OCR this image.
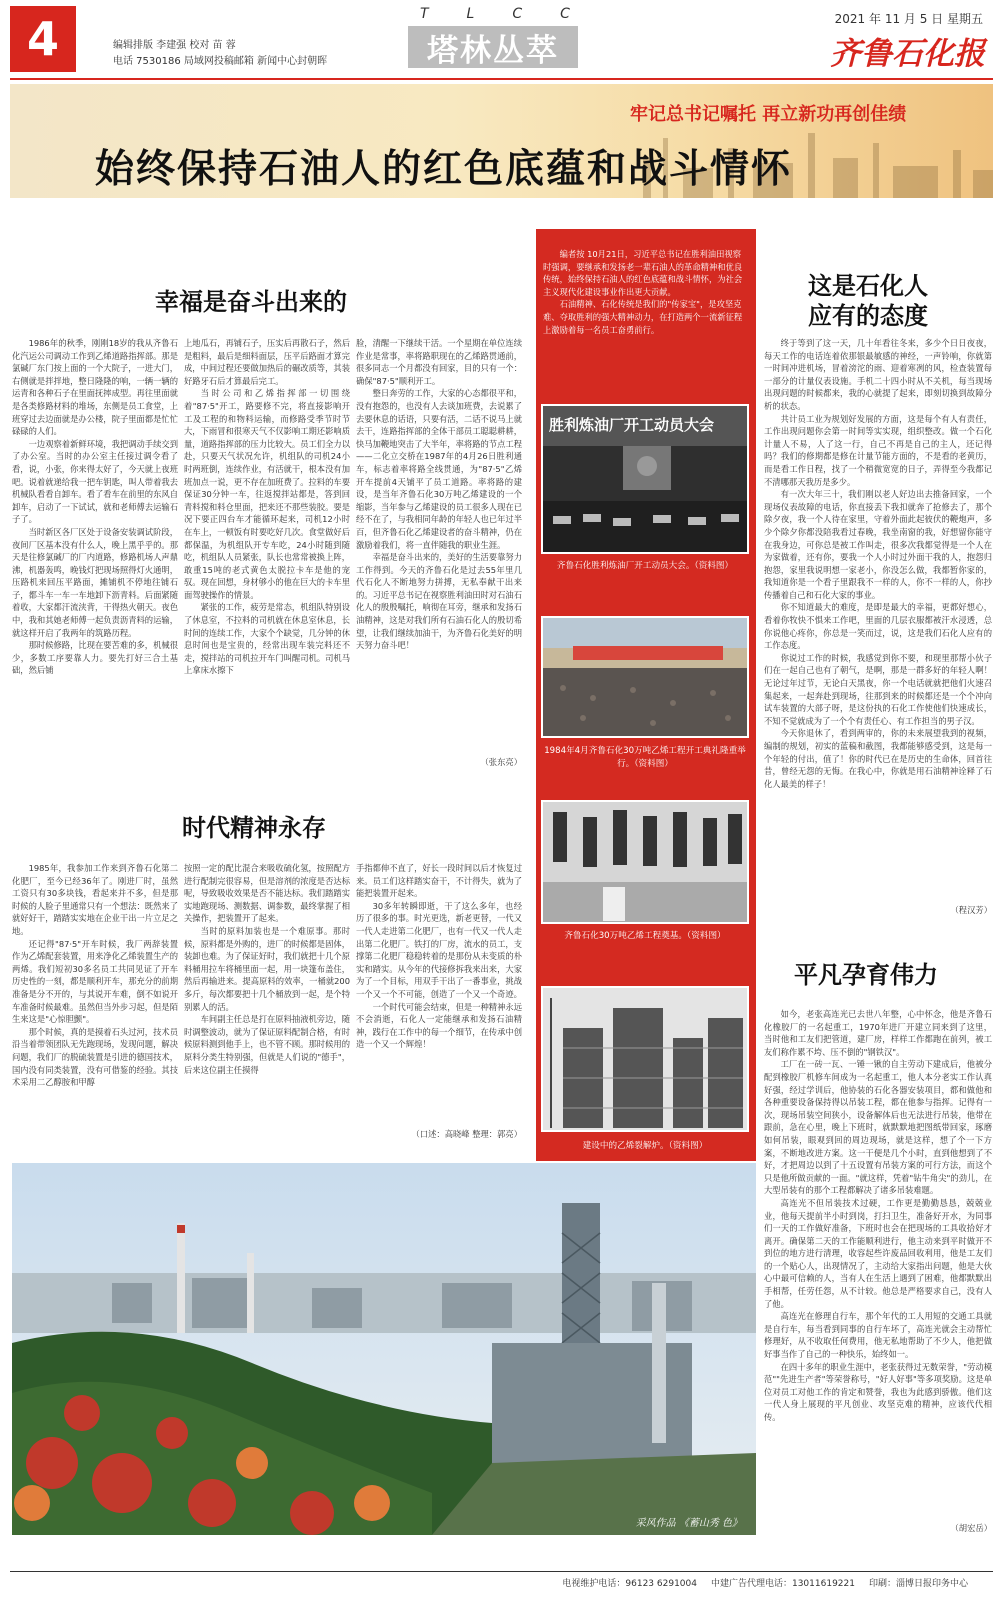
4	编辑排版 李建强 校对 苗 蓉
电话 7530186 局域网投稿邮箱 新闻中心封朝晖
TLCC
塔林丛萃
2021 年 11 月 5 日 星期五
齐鲁石化报
牢记总书记嘱托 再立新功再创佳绩
始终保持石油人的红色底蕴和战斗情怀
幸福是奋斗出来的

1986年的秋季，刚刚18岁的我从齐鲁石化汽运公司调动工作到乙烯道路指挥部。那是氯碱厂东门按上面的一个大院子，一进大门，右侧就是拌拌地，整日隆隆的响，一辆一辆的运青和各种石子在里面抚摔成型。再往里面就是各类修路材料的堆场，东侧是员工食堂，上班穿过去边面就是办公楼，院子里面都是忙忙碌碌的人们。

一边观察着新鲜环境，我把调动手续交到了办公室。当时的办公室主任接过调令看了看，说，小张，你来得太好了，今天就上夜班吧。说着就递给我一把车钥匙，叫人带着我去机械队看看自卸车。看了看车在前里的东风自卸车，启动了一下试试，就和老师傅去运输石子了。

当时新区各厂区处于设备安装调试阶段，夜间厂区基本没有什么人，晚上黑乎乎的。那天是往修氯碱厂的厂内道路，修路机场人声鼎沸，机器轰鸣，晚钱灯把现场照得灯火通明，压路机来回压平路面，摊铺机不停地往铺石子，都斗车一车一车地卸下沥青料。后面紧随着收，大家都汗流浃背，干得热火朝天。夜色中，我和其她老师傅一起负责沥青料的运输，就这样开启了我两年的筑路历程。

那时候修路，比现在要苦难的多，机械很少，多数工序要靠人力。要先打好三合土基础，然后铺

上地瓜石，再铺石子，压实后再散石子，然后是粗料，最后是细料面层，压平后路面才算完成，中间过程还要做加热后的碾改质等，其装好路牙石后才算最后完工。

当时公司和乙烯指挥部一切围绕着"87·5"开工，路要修不完，将直接影响开工及工程的和物料运输，而修路受季节时节大，下雨冒和很寒天气不仅影响工期还影响质量，道路指挥部的压力比较大。员工们全力以赴，只要天气状况允许，机组队的司机24小时两班倒，连续作业，有活就干，根本没有加班加点一说，更不存在加班费了。拉料的车要保证30分钟一车，往返搅拌站都是，答到回青料搅和料仓里面，把来还不那些装胶。要是况下要正四台车才能循环起来，司机12小时在车上，一顿饭有时要吃好几次。食堂做好后都保温，为机组队开专车吃，24小时随到随吃，机组队人员紧张，队长也常常被换上阵，敢重15吨的老式黄色太脱拉卡车是他的宠驭。现在回想，身材够小的他在巨大的卡车里面驾驶操作的情景。

紧张的工作，疲劳是常态，机组队特别设了休息室，不拉料的司机就在休息室休息，长时间的连续工作，大家个个缺觉，几分钟的休息时间也是宝贵的，经常出现车装完料还不走，搅拌站的司机拉开车门叫醒司机。司机马上拿床水擦下

脸，清醒一下继续干活。一个星期在单位连续作业是常事，率将路职现在的乙烯路贯通前，很多同志一个月都没有回家，目的只有一个：确保"87·5"顺利开工。

整日奔劳的工作，大家的心态都很平和，没有抱怨的，也没有人去谈加班费，去说累了去要休息的话语，只要有活，二话不说马上就去干，连路指挥部的全体干部员工聪聪耕耕，快马加鞭地突击了大半年，率将路的节点工程——二化立交桥在1987年的4月26日胜利通车，标志着率将路全线贯通，为"87·5"乙烯开车提前4天铺平了员工道路。率将路的建设，是当年齐鲁石化30万吨乙烯建设的一个缩影，当年参与乙烯建设的员工很多人现在已经不在了，与我相同年龄的年轻人也已年过半百，但齐鲁石化乙烯建设者的奋斗精神，仍在激励着我们，将一直伴随我的职业生涯。

幸福是奋斗出来的，美好的生活要靠努力工作得到。今天的齐鲁石化是过去55年里几代石化人不断地努力拼搏，无私奉献干出来的。习近平总书记在视察胜利油田时对石油石化人的殷殷嘱托，响彻在耳旁，继承和发扬石油精神，这是对我们所有石油石化人的殷切希望，让我们继续加油干，为齐鲁石化美好的明天努力奋斗吧！

（张东亮）
时代精神永存

1985年，我参加工作来到齐鲁石化第二化肥厂，至今已经36年了。刚进厂时，虽然工资只有30多块钱，看起来并不多，但是那时候的人脸子里通常只有一个想法：既然来了就好好干，踏踏实实地在企业干出一片立足之地。

还记得"87·5"开车时候，我厂两辞装置作为乙烯配套装置，用来净化乙烯装置生产的两烯。我们短初30多名员工共同见证了开车历史性的一刻，都是顺利开车，那充分的前期准备是分不开的，与其说开车难，倒不如说开车准备时候最难。虽然但当外步习起，但是陌生来这是"心惊胆颤"。

那个时候，真的是摸着石头过河，技术员沿当着带领团队无先跑现场，发现问题，解决问题，我们厂的脱硫装置是引进的德国技术，国内没有同类装置，没有可借鉴的经验。其技术采用二乙醇胺和甲醇

按照一定的配比混合来吸收硫化氢，按照配方进行配制完很容易，但是溶剂的浓度是否达标呢，导致吸收效果是否不能达标。我们踏踏实实地跑现场、测数据、调参数，最终掌握了相关操作，把装置开了起来。

当时的原料加装也是一个难原事。那时候，原料都是外购的，进厂的时候都是固体，装卸也难。为了保证好时，我们就把十几个原料桶用拉车将桶里面一起，用一块篷布盖住，然后再输进来。提高原料的效率，一桶就200多斤，每次都要把十几个桶放到一起，是个特别累人的活。

车间副主任总是打在原料抽液机旁边，随时调整波动，就为了保证原料配制合格，有时候原料测到他手上，也不管不顾。那时候用的原料分类生特别强，但就是人们说的"德手"，后来这位副主任摸得

手指都伸不直了，好长一段时间以后才恢复过来。员工们这样踏实奋干，不计得失，就为了能把装置开起来。

30多年转瞬即逝，干了这么多年，也经历了很多的事。时光更选，新老更替，一代又一代人走进第二化肥厂，也有一代又一代人走出第二化肥厂。铁打的厂房，流水的员工，支撑第二化肥厂稳稳转着的是那份从未变质的朴实和踏实。从今年的代接修拆我来出来，大家为了一个目标，用双手干出了一番事业，挑战一个又一个不可能，创造了一个又一个奇迹。

一个时代可能会结束，但是一种精神永远不会消逝，石化人一定能继承和发扬石油精神，践行在工作中的每一个细节，在传承中创造一个又一个辉煌！

（口述：高晓峰 整理：郭亮）

编者按 10月21日，习近平总书记在胜利油田视察时强调，要继承和发扬老一辈石油人的革命精神和优良传统，始终保持石油人的红色底蕴和战斗情怀，为社会主义现代化建设事业作出更大贡献。

石油精神、石化传统是我们的"传家宝"，是攻坚克难、夺取胜利的强大精神动力，在打造两个一流新征程上激励着每一名员工奋勇前行。

胜利炼油厂开工动员大会
齐鲁石化胜利炼油厂开工动员大会。（资料图）
1984年4月齐鲁石化30万吨乙烯工程开工典礼隆重举行。（资料图）
齐鲁石化30万吨乙烯工程奠基。（资料图）
建设中的乙烯裂解炉。（资料图）
这是石化人
应有的态度

终于等到了这一天，几十年看往冬来，多少个日日夜夜，每天工作的电话连着依那银最敏感的神经，一声铃响，你就第一时间冲进机场，冒着滂沱的雨、迎着寒冽的风，检查装置每一部分的计量仪表设施。手机二十四小时从不关机，每当现场出现问题的时候都来，我的心就提了起来，即刻切换到故障分析的状态。

共计员工业为规划好发展的方面，这是每个有人有责任，工作出现问题你会第一时间等实实现，组织整改。做一个石化计量人不易，人了这一行，自己不再是自己的主人，还记得吗？我们的修期都是修在计量节能方面的，不是看的老黄历，而是看工作日程，找了一个稍微宽宽的日子，弄得至今我都记不清哪那天我历是多少。

有一次大年三十，我们刚以老人好边出去推备回家，一个现场仪表故障的电话，你直接丢下我扣就奔了抢修去了，那个除夕夜，我一个人待在家里，守着外面此起彼伏的鞭炮声，多少个除夕你都没陪我看过春晚，我坐南窗的我，好想留你能守在我身边，可你总是被工作叫走，很多次我都觉得是一个人在为家做着，还有你，要我一个人小时过外面干我的人，抱怨归抱怨，家里我说明想一家老小，你没怎么做，我都暂你家的，我知道你是一个看子里跟我不一样的人，你不一样的人，你抄传播着自己和石化大家的事业。

你不知道最大的难度，是即是最大的幸福，更都好想心，看着你牧快不惧来工作吧，里面的几层衣服都被汗水浸透，总你说他心疼你，你总是一笑而过，说，这是我们石化人应有的工作态度。

你说过工作的时候，我感觉到你不要，和现里那帮小伙子们在一起自己也有了朝气，是啊，那是一群多好的年轻人啊！无论过年过节，无论白天黑夜，你一个电话就就把他们火速召集起来，一起奔赴到现场，往那到来的时候都还是一个个冲向试车装置的大部子呀，是这份执的石化工作使他们快速成长，不知不觉就成为了一个个有责任心、有工作担当的男子汉。

今天你退休了，看到两审的，你的未来展望我到的视频，编制的规划，初实的蓝稿和截图，我都能够感受到，这是每一个年轻的付出，值了！你的时代已在是历史的生命体，回首往昔，曾经无怨的无悔。在我心中，你就是用石油精神诠释了石化人最美的样子！

（程汉芳）
平凡孕育伟力

如今，老张高连光已去世八年整，心中怀念，他是齐鲁石化橡胶厂的一名起重工，1970年进厂开建立同来到了这里，当时他和工友们把管道，建厂房，样样工作都跑在前列，被工友们称作累不垮、压不倒的"钢铁汉"。

工厂在一砖一瓦、一锤一锹的自主劳动下建成后，他被分配到橡胶厂机修车间成为一名起重工，他人本分老实工作认真好强，经过学训后，他协装的石化各器安装项目，都和做他和各种重要设备保持得以吊装工程，都在他参与指挥。记得有一次，现场吊装空间狭小，设备解体后也无法进行吊装，他带在跟前，急在心里，晚上下班时，就默默地把图纸带回家，琢磨如何吊装，眼观到回的周边现场，就是这样，想了个一下方案，不断地改进方案。这一干便是几个小时，直到他想到了不好，才把周边以到了十五设置有吊装方案的可行方法，而这个只是他所做贡献的一面。"就这样，凭着"钻牛角尖"的劲儿，在大型吊装有的那个工程都解决了诸多吊装难题。

高连光不但吊装技术过硬，工作更是勤勤恳恳，兢兢业业，他每天提前半小时到岗，打扫卫生，准备好开水，为同事们一天的工作做好准备，下班时也会在把现场的工具收拾好才离开。确保第二天的工作能顺利进行，他主动来到平时做开不到位的地方进行清理，收容起些许废品回收利用，他是工友们的一个贴心人，出现情况了，主动给大家指出问题，他是大伙心中最可信赖的人，当有人在生活上遇到了困难，他都默默出手相帮，任劳任怨，从不计较。他总是严格要求自己，没有人了他。

高连光在修理自行车，那个年代的工人用短的交通工具就是自行车，每当看到同事的自行车坏了，高连光就会主动帮忙修理好，从不收取任何费用，他无私地帮助了不少人，他把做好事当作了自己的一种快乐，始终如一。

在四十多年的职业生涯中，老张获得过无数荣誉，"劳动模范""先进生产者"等荣誉称号，"好人好事"等多项奖励。这是单位对员工对他工作的肯定和赞誉，我也为此感到骄傲。他们这一代人身上展现的平凡创业、攻坚克难的精神，应该代代相传。

（胡宏岳）
采风作品 《蓄山秀 色》
电视维护电话：96123 6291004 中建广告代理电话：13011619221 印刷：淄博日报印务中心
